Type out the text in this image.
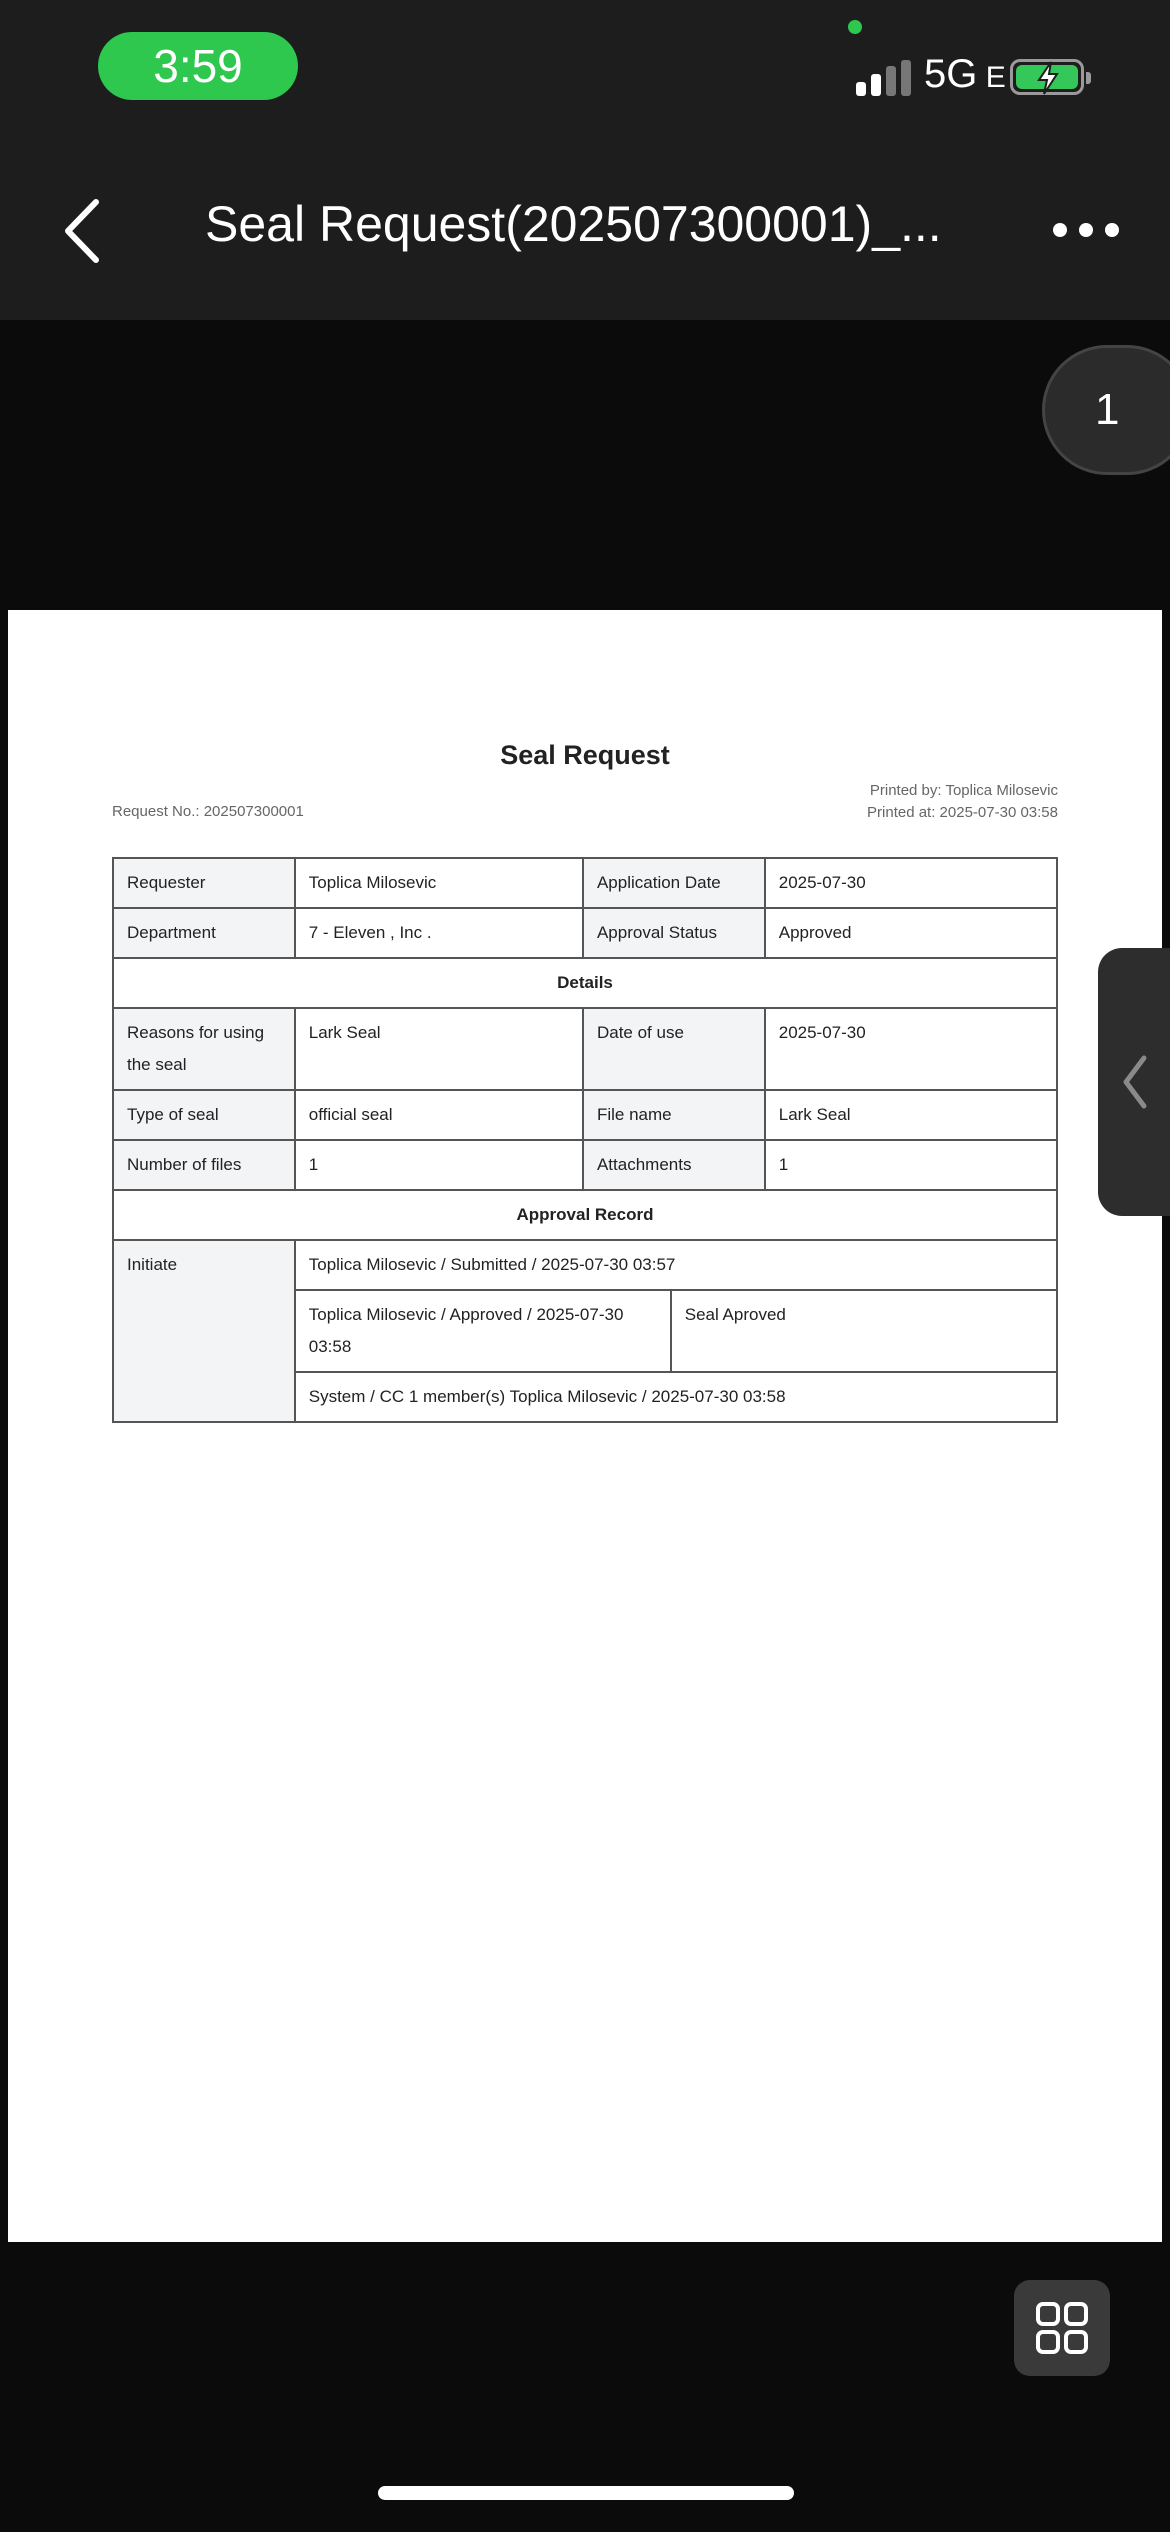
3:59	5G E
Seal Request(202507300001)_...
1
Seal Request
Request No.: 202507300001
Printed by: Toplica Milosevic
Printed at: 2025-07-30 03:58
Requester	Toplica Milosevic	Application Date	2025-07-30
Department	7 - Eleven , Inc .	Approval Status	Approved
Details
Reasons for using the seal	Lark Seal	Date of use	2025-07-30
Type of seal	official seal	File name	Lark Seal
Number of files	1	Attachments	1
Approval Record
Initiate	Toplica Milosevic / Submitted / 2025-07-30 03:57

Toplica Milosevic / Approved / 2025-07-30 03:58	Seal Aproved

System / CC 1 member(s) Toplica Milosevic / 2025-07-30 03:58
